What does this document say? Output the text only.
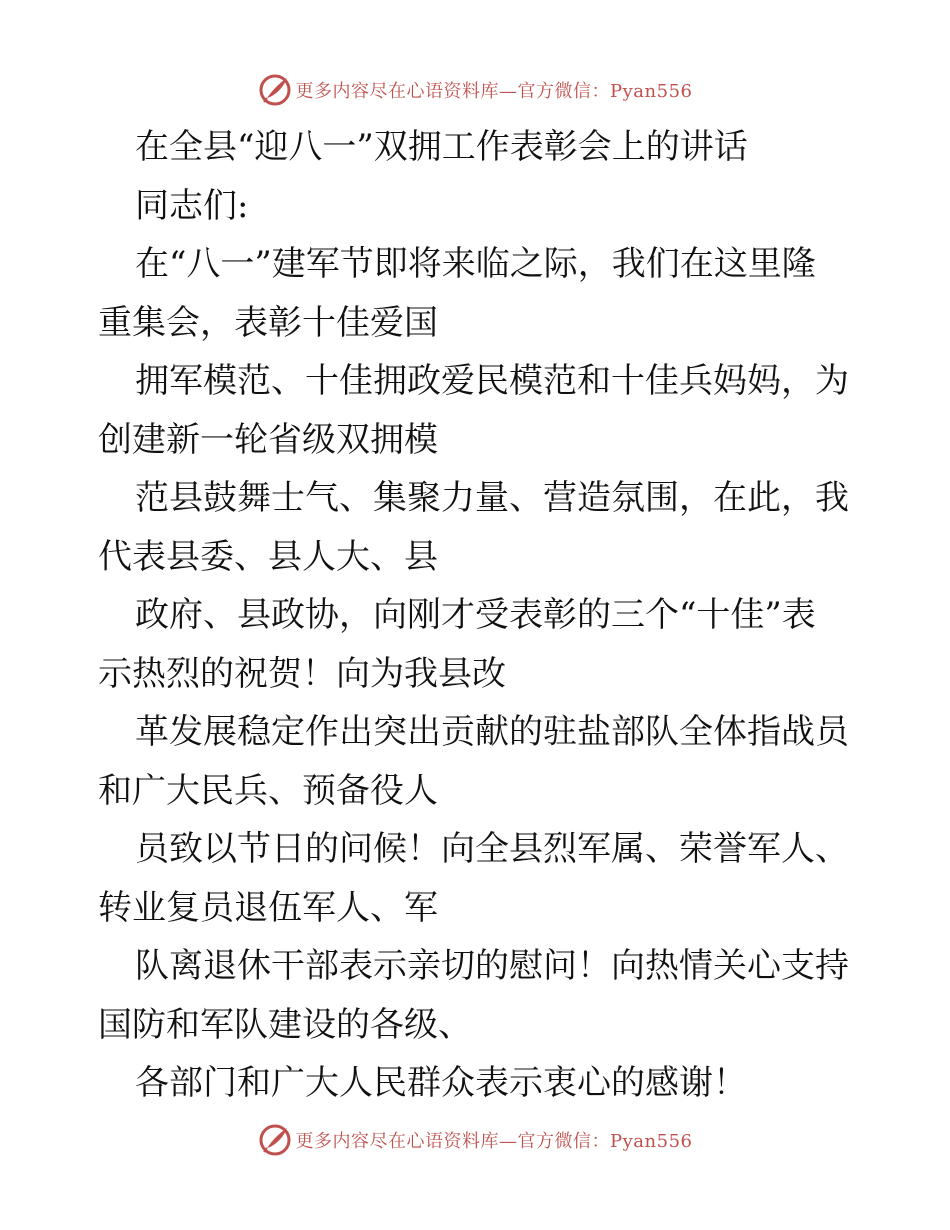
更多内容尽在心语资料库—官方微信：Pyan556
在全县“迎八一”双拥工作表彰会上的讲话
同志们:
在“八一”建军节即将来临之际，我们在这里隆
重集会，表彰十佳爱国
拥军模范、十佳拥政爱民模范和十佳兵妈妈，为
创建新一轮省级双拥模
范县鼓舞士气、集聚力量、营造氛围，在此，我
代表县委、县人大、县
政府、县政协，向刚才受表彰的三个“十佳”表
示热烈的祝贺！向为我县改
革发展稳定作出突出贡献的驻盐部队全体指战员
和广大民兵、预备役人
员致以节日的问候！向全县烈军属、荣誉军人、
转业复员退伍军人、军
队离退休干部表示亲切的慰问！向热情关心支持
国防和军队建设的各级、
各部门和广大人民群众表示衷心的感谢！
更多内容尽在心语资料库—官方微信：Pyan556
